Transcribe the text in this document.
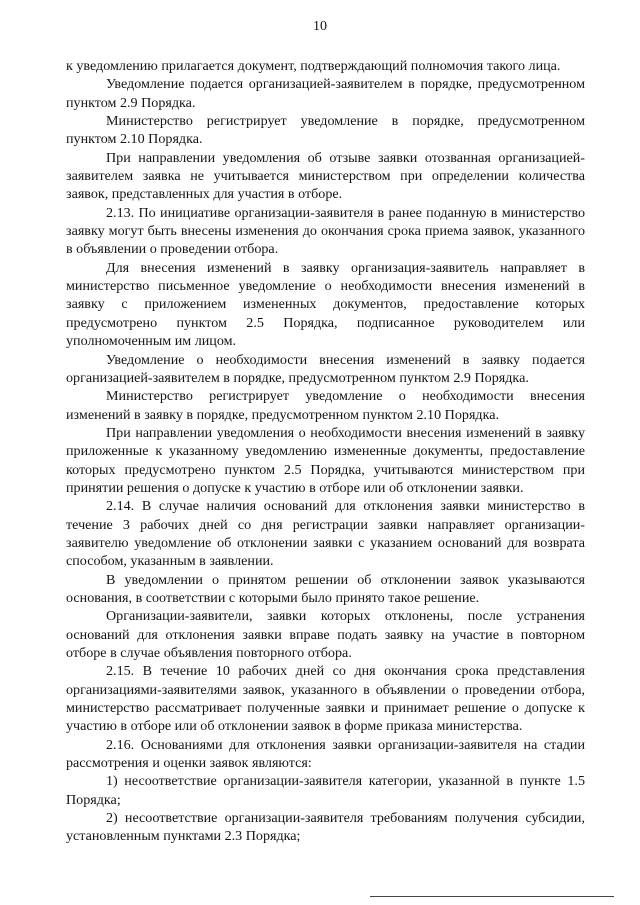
10

к уведомлению прилагается документ, подтверждающий полномочия такого лица.

Уведомление подается организацией-заявителем в порядке, предусмотренном пунктом 2.9 Порядка.

Министерство регистрирует уведомление в порядке, предусмотренном пунктом 2.10 Порядка.

При направлении уведомления об отзыве заявки отозванная организацией-заявителем заявка не учитывается министерством при определении количества заявок, представленных для участия в отборе.

2.13. По инициативе организации-заявителя в ранее поданную в министерство заявку могут быть внесены изменения до окончания срока приема заявок, указанного в объявлении о проведении отбора.

Для внесения изменений в заявку организация-заявитель направляет в министерство письменное уведомление о необходимости внесения изменений в заявку с приложением измененных документов, предоставление которых предусмотрено пунктом 2.5 Порядка, подписанное руководителем или уполномоченным им лицом.

Уведомление о необходимости внесения изменений в заявку подается организацией-заявителем в порядке, предусмотренном пунктом 2.9 Порядка.

Министерство регистрирует уведомление о необходимости внесения изменений в заявку в порядке, предусмотренном пунктом 2.10 Порядка.

При направлении уведомления о необходимости внесения изменений в заявку приложенные к указанному уведомлению измененные документы, предоставление которых предусмотрено пунктом 2.5 Порядка, учитываются министерством при принятии решения о допуске к участию в отборе или об отклонении заявки.

2.14. В случае наличия оснований для отклонения заявки министерство в течение 3 рабочих дней со дня регистрации заявки направляет организации-заявителю уведомление об отклонении заявки с указанием оснований для возврата способом, указанным в заявлении.

В уведомлении о принятом решении об отклонении заявок указываются основания, в соответствии с которыми было принято такое решение.

Организации-заявители, заявки которых отклонены, после устранения оснований для отклонения заявки вправе подать заявку на участие в повторном отборе в случае объявления повторного отбора.

2.15. В течение 10 рабочих дней со дня окончания срока представления организациями-заявителями заявок, указанного в объявлении о проведении отбора, министерство рассматривает полученные заявки и принимает решение о допуске к участию в отборе или об отклонении заявок в форме приказа министерства.

2.16. Основаниями для отклонения заявки организации-заявителя на стадии рассмотрения и оценки заявок являются:

1) несоответствие организации-заявителя категории, указанной в пункте 1.5 Порядка;

2) несоответствие организации-заявителя требованиям получения субсидии, установленным пунктами 2.3 Порядка;
